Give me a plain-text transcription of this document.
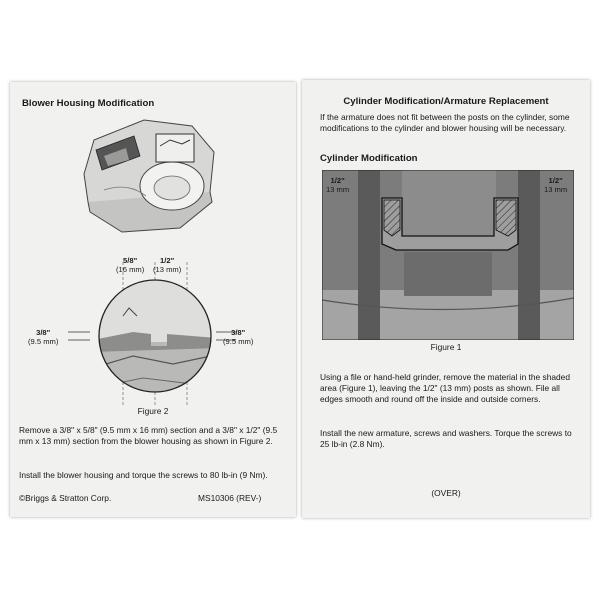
Blower Housing Modification
5/8"
(16 mm)
1/2"
(13 mm)
3/8"
(9.5 mm)
3/8"
(9.5 mm)
Figure 2
Remove a 3/8" x 5/8" (9.5 mm x 16 mm) section and a 3/8" x 1/2" (9.5 mm x 13 mm) section from the blower housing as shown in Figure 2.
Install the blower housing and torque the screws to 80 lb-in (9 Nm).
©Briggs & Stratton Corp.	MS10306 (REV-)
Cylinder Modification/Armature Replacement
If the armature does not fit between the posts on the cylinder, some modifications to the cylinder and blower housing will be necessary.
Cylinder Modification
1/2"
13 mm
1/2"
13 mm
Figure 1
Using a file or hand-held grinder, remove the material in the shaded area (Figure 1), leaving the 1/2" (13 mm) posts as shown. File all edges smooth and round off the inside and outside corners.
Install the new armature, screws and washers. Torque the screws to 25 lb-in (2.8 Nm).
(OVER)
